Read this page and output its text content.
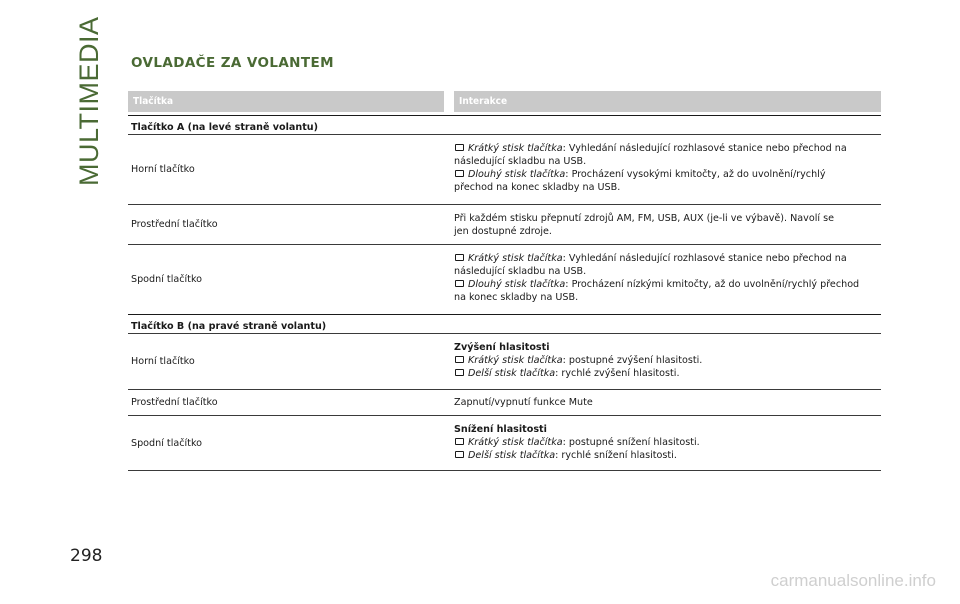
MULTIMEDIA OVLADAČE ZA VOLANTEM
Tlačítka	Interakce
Tlačítko A (na levé straně volantu)
Horní tlačítko
Krátký stisk tlačítka: Vyhledání následující rozhlasové stanice nebo přechod na
následující skladbu na USB.
Dlouhý stisk tlačítka: Procházení vysokými kmitočty, až do uvolnění/rychlý
přechod na konec skladby na USB.
Prostřední tlačítko
Při každém stisku přepnutí zdrojů AM, FM, USB, AUX (je-li ve výbavě). Navolí se
jen dostupné zdroje.
Spodní tlačítko
Krátký stisk tlačítka: Vyhledání následující rozhlasové stanice nebo přechod na
následující skladbu na USB.
Dlouhý stisk tlačítka: Procházení nízkými kmitočty, až do uvolnění/rychlý přechod
na konec skladby na USB.
Tlačítko B (na pravé straně volantu)
Horní tlačítko
Zvýšení hlasitosti
Krátký stisk tlačítka: postupné zvýšení hlasitosti.
Delší stisk tlačítka: rychlé zvýšení hlasitosti.
Prostřední tlačítko	Zapnutí/vypnutí funkce Mute
Spodní tlačítko
Snížení hlasitosti
Krátký stisk tlačítka: postupné snížení hlasitosti.
Delší stisk tlačítka: rychlé snížení hlasitosti.
298
carmanualsonline.info
